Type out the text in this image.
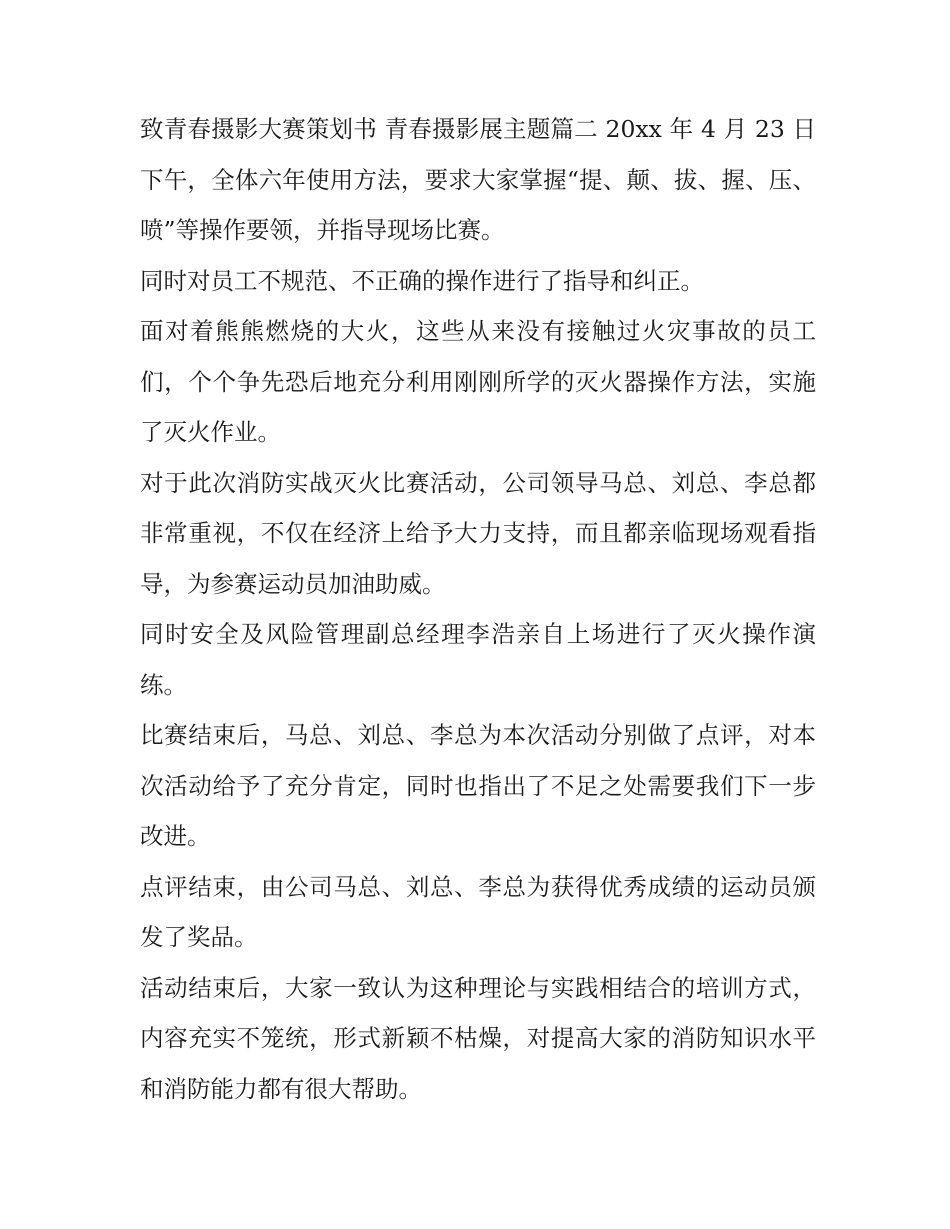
致青春摄影大赛策划书 青春摄影展主题篇二 20xx 年 4 月 23 日下午，全体六年使用方法，要求大家掌握“提、颠、拔、握、压、喷”等操作要领，并指导现场比赛。

同时对员工不规范、不正确的操作进行了指导和纠正。

面对着熊熊燃烧的大火，这些从来没有接触过火灾事故的员工们，个个争先恐后地充分利用刚刚所学的灭火器操作方法，实施了灭火作业。

对于此次消防实战灭火比赛活动，公司领导马总、刘总、李总都非常重视，不仅在经济上给予大力支持，而且都亲临现场观看指导，为参赛运动员加油助威。

同时安全及风险管理副总经理李浩亲自上场进行了灭火操作演练。

比赛结束后，马总、刘总、李总为本次活动分别做了点评，对本次活动给予了充分肯定，同时也指出了不足之处需要我们下一步改进。

点评结束，由公司马总、刘总、李总为获得优秀成绩的运动员颁发了奖品。

活动结束后，大家一致认为这种理论与实践相结合的培训方式，内容充实不笼统，形式新颖不枯燥，对提高大家的消防知识水平和消防能力都有很大帮助。
